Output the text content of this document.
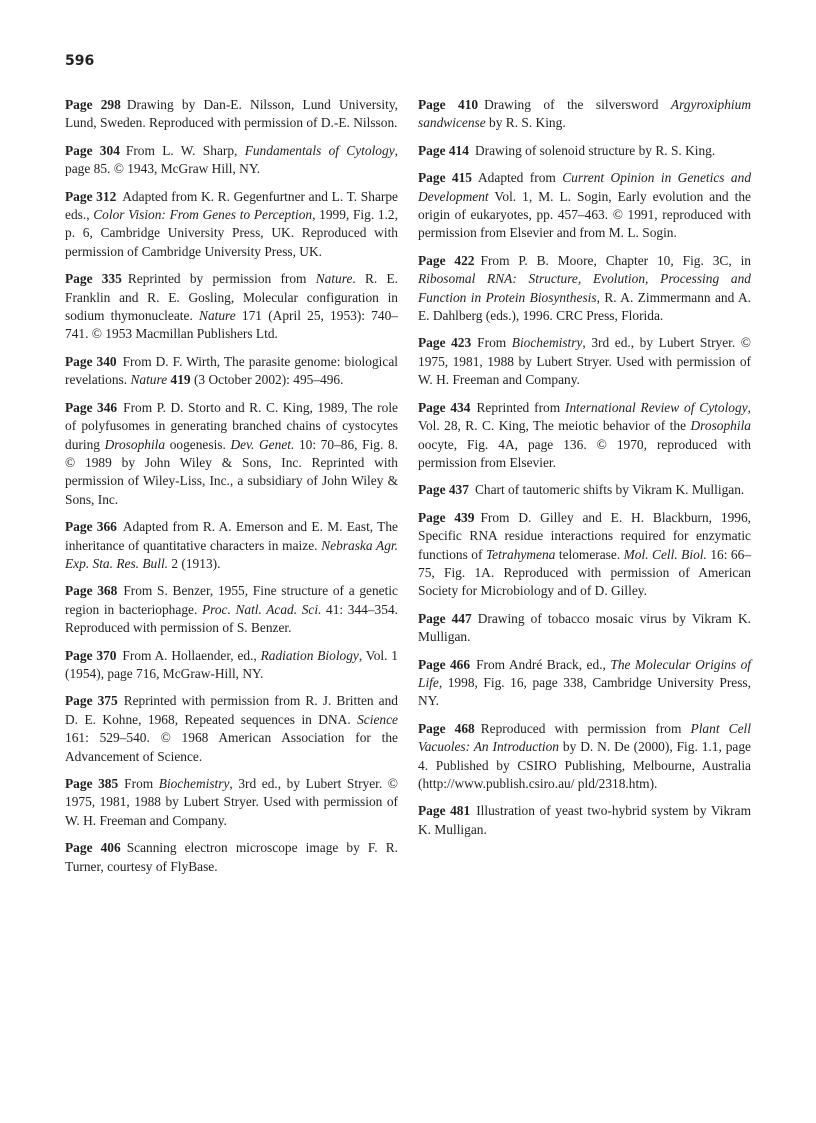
596

Page 298 Drawing by Dan-E. Nilsson, Lund University, Lund, Sweden. Reproduced with permission of D.-E. Nilsson.

Page 304 From L. W. Sharp, Fundamentals of Cytology, page 85. © 1943, McGraw Hill, NY.

Page 312 Adapted from K. R. Gegenfurtner and L. T. Sharpe eds., Color Vision: From Genes to Perception, 1999, Fig. 1.2, p. 6, Cambridge University Press, UK. Reproduced with permission of Cambridge University Press, UK.

Page 335 Reprinted by permission from Nature. R. E. Franklin and R. E. Gosling, Molecular configuration in sodium thymonucleate. Nature 171 (April 25, 1953): 740–741. © 1953 Macmillan Publishers Ltd.

Page 340 From D. F. Wirth, The parasite genome: biological revelations. Nature 419 (3 October 2002): 495–496.

Page 346 From P. D. Storto and R. C. King, 1989, The role of polyfusomes in generating branched chains of cystocytes during Drosophila oogenesis. Dev. Genet. 10: 70–86, Fig. 8. © 1989 by John Wiley & Sons, Inc. Reprinted with permission of Wiley-Liss, Inc., a subsidiary of John Wiley & Sons, Inc.

Page 366 Adapted from R. A. Emerson and E. M. East, The inheritance of quantitative characters in maize. Nebraska Agr. Exp. Sta. Res. Bull. 2 (1913).

Page 368 From S. Benzer, 1955, Fine structure of a genetic region in bacteriophage. Proc. Natl. Acad. Sci. 41: 344–354. Reproduced with permission of S. Benzer.

Page 370 From A. Hollaender, ed., Radiation Biology, Vol. 1 (1954), page 716, McGraw-Hill, NY.

Page 375 Reprinted with permission from R. J. Britten and D. E. Kohne, 1968, Repeated sequences in DNA. Science 161: 529–540. © 1968 American Association for the Advancement of Science.

Page 385 From Biochemistry, 3rd ed., by Lubert Stryer. © 1975, 1981, 1988 by Lubert Stryer. Used with permission of W. H. Freeman and Company.

Page 406 Scanning electron microscope image by F. R. Turner, courtesy of FlyBase.

Page 410 Drawing of the silversword Argyroxiphium sandwicense by R. S. King.

Page 414 Drawing of solenoid structure by R. S. King.

Page 415 Adapted from Current Opinion in Genetics and Development Vol. 1, M. L. Sogin, Early evolution and the origin of eukaryotes, pp. 457–463. © 1991, reproduced with permission from Elsevier and from M. L. Sogin.

Page 422 From P. B. Moore, Chapter 10, Fig. 3C, in Ribosomal RNA: Structure, Evolution, Processing and Function in Protein Biosynthesis, R. A. Zimmermann and A. E. Dahlberg (eds.), 1996. CRC Press, Florida.

Page 423 From Biochemistry, 3rd ed., by Lubert Stryer. © 1975, 1981, 1988 by Lubert Stryer. Used with permission of W. H. Freeman and Company.

Page 434 Reprinted from International Review of Cytology, Vol. 28, R. C. King, The meiotic behavior of the Drosophila oocyte, Fig. 4A, page 136. © 1970, reproduced with permission from Elsevier.

Page 437 Chart of tautomeric shifts by Vikram K. Mulligan.

Page 439 From D. Gilley and E. H. Blackburn, 1996, Specific RNA residue interactions required for enzymatic functions of Tetrahymena telomerase. Mol. Cell. Biol. 16: 66–75, Fig. 1A. Reproduced with permission of American Society for Microbiology and of D. Gilley.

Page 447 Drawing of tobacco mosaic virus by Vikram K. Mulligan.

Page 466 From André Brack, ed., The Molecular Origins of Life, 1998, Fig. 16, page 338, Cambridge University Press, NY.

Page 468 Reproduced with permission from Plant Cell Vacuoles: An Introduction by D. N. De (2000), Fig. 1.1, page 4. Published by CSIRO Publishing, Melbourne, Australia (http://www.publish.csiro.au/ pld/2318.htm).

Page 481 Illustration of yeast two-hybrid system by Vikram K. Mulligan.
